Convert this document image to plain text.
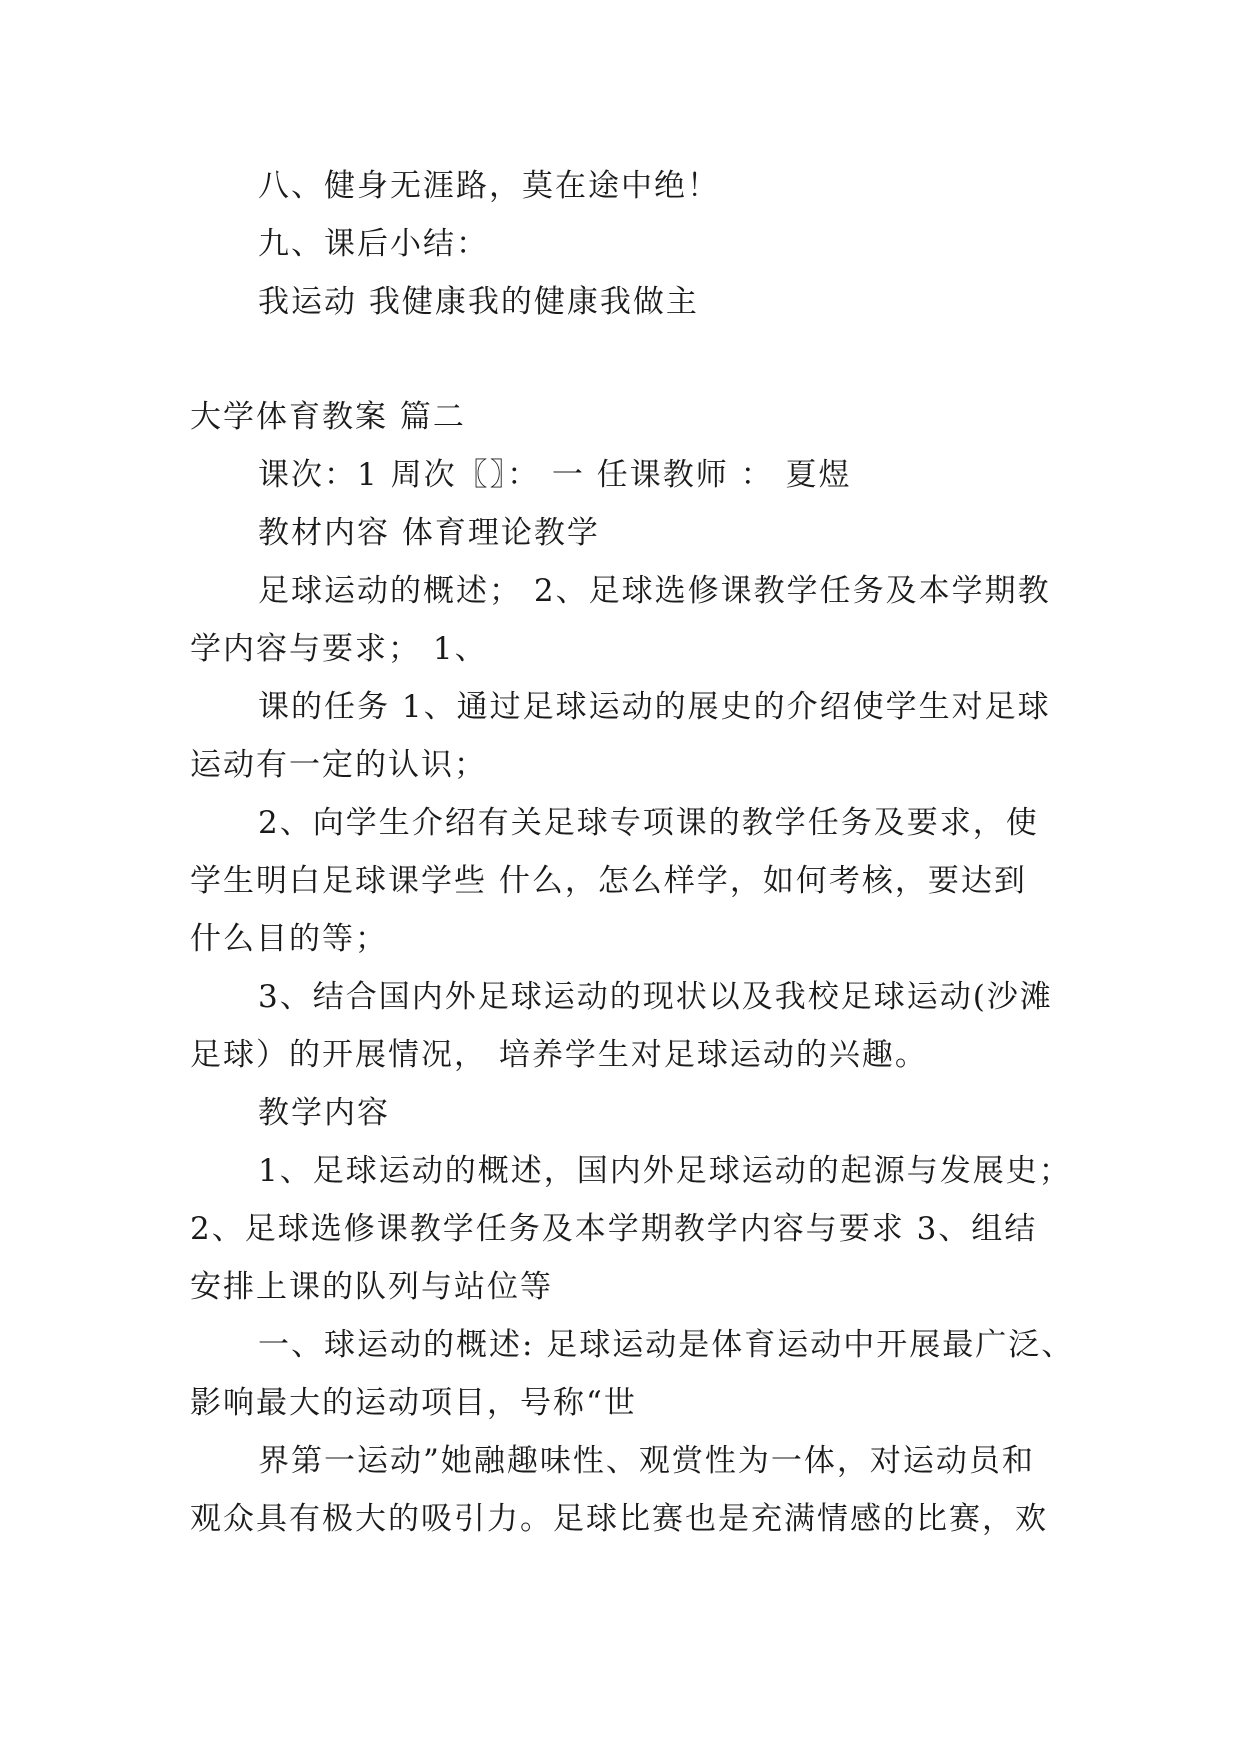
八、健身无涯路，莫在途中绝！
九、课后小结：
我运动 我健康我的健康我做主
大学体育教案 篇二
课次：1 周次〖〗： 一 任课教师 ： 夏煜
教材内容 体育理论教学
足球运动的概述； 2、足球选修课教学任务及本学期教
学内容与要求； 1、
课的任务 1、通过足球运动的展史的介绍使学生对足球
运动有一定的认识；
2、向学生介绍有关足球专项课的教学任务及要求，使
学生明白足球课学些 什么，怎么样学，如何考核，要达到
什么目的等；
3、结合国内外足球运动的现状以及我校足球运动(沙滩
足球）的开展情况， 培养学生对足球运动的兴趣。
教学内容
1、足球运动的概述，国内外足球运动的起源与发展史；
2、足球选修课教学任务及本学期教学内容与要求 3、组结
安排上课的队列与站位等
一、球运动的概述: 足球运动是体育运动中开展最广泛、
影响最大的运动项目，号称“世
界第一运动”她融趣味性、观赏性为一体，对运动员和
观众具有极大的吸引力。足球比赛也是充满情感的比赛，欢
